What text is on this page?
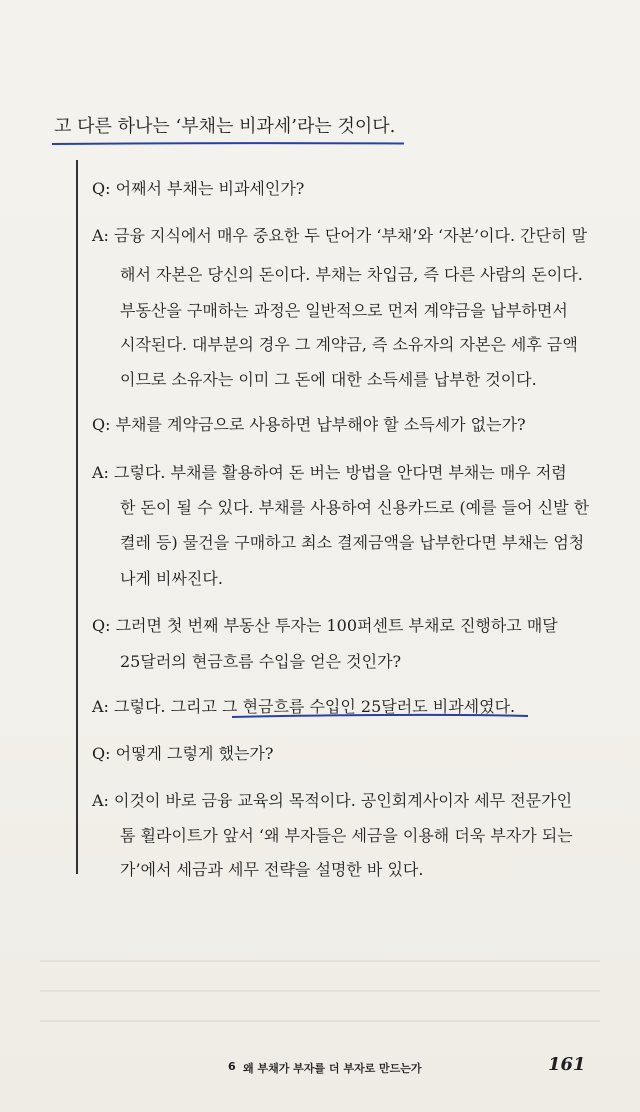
고 다른 하나는 ‘부채는 비과세’라는 것이다.
Q: 어째서 부채는 비과세인가?
A: 금융 지식에서 매우 중요한 두 단어가 ‘부채’와 ‘자본’이다. 간단히 말
해서 자본은 당신의 돈이다. 부채는 차입금, 즉 다른 사람의 돈이다.
부동산을 구매하는 과정은 일반적으로 먼저 계약금을 납부하면서
시작된다. 대부분의 경우 그 계약금, 즉 소유자의 자본은 세후 금액
이므로 소유자는 이미 그 돈에 대한 소득세를 납부한 것이다.
Q: 부채를 계약금으로 사용하면 납부해야 할 소득세가 없는가?
A: 그렇다. 부채를 활용하여 돈 버는 방법을 안다면 부채는 매우 저렴
한 돈이 될 수 있다. 부채를 사용하여 신용카드로 (예를 들어 신발 한
켤레 등) 물건을 구매하고 최소 결제금액을 납부한다면 부채는 엄청
나게 비싸진다.
Q: 그러면 첫 번째 부동산 투자는 100퍼센트 부채로 진행하고 매달
25달러의 현금흐름 수입을 얻은 것인가?
A: 그렇다. 그리고 그 현금흐름 수입인 25달러도 비과세였다.
Q: 어떻게 그렇게 했는가?
A: 이것이 바로 금융 교육의 목적이다. 공인회계사이자 세무 전문가인
톰 휠라이트가 앞서 ‘왜 부자들은 세금을 이용해 더욱 부자가 되는
가’에서 세금과 세무 전략을 설명한 바 있다.
6 왜 부채가 부자를 더 부자로 만드는가	161
